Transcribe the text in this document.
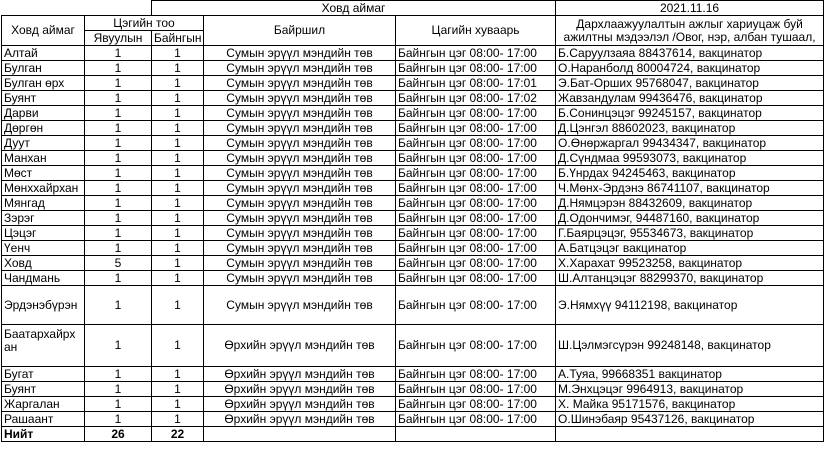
		Ховд аймаг			2021.11.16
Ховд аймаг	Цэгийн тоо		Байршил	Цагийн хуваарь	Дархлаажуулалтын ажлыг хариуцаж буй ажилтны мэдээлэл /Овог, нэр, албан тушаал,
	Явуулын	Байнгын			
Алтай	1	1	Сумын эрүүл мэндийн төв	Байнгын цэг 08:00- 17:00	Б.Саруулзаяа 88437614, вакцинатор
Булган	1	1	Сумын эрүүл мэндийн төв	Байнгын цэг 08:00- 17:00	О.Наранболд 80004724, вакцинатор
Булган өрх	1	1	Сумын эрүүл мэндийн төв	Байнгын цэг 08:00- 17:01	Э.Бат-Орших 95768047, вакцинатор
Буянт	1	1	Сумын эрүүл мэндийн төв	Байнгын цэг 08:00- 17:02	Жавзандулам 99436476, вакцинатор
Дарви	1	1	Сумын эрүүл мэндийн төв	Байнгын цэг 08:00- 17:00	Б.Сонинцэцэг 99245157, вакцинатор
Дөргөн	1	1	Сумын эрүүл мэндийн төв	Байнгын цэг 08:00- 17:00	Д.Цэнгэл 88602023, вакцинатор
Дуут	1	1	Сумын эрүүл мэндийн төв	Байнгын цэг 08:00- 17:00	О.Өнөржаргал 99434347, вакцинатор
Манхан	1	1	Сумын эрүүл мэндийн төв	Байнгын цэг 08:00- 17:00	Д.Сүндмаа 99593073, вакцинатор
Мөст	1	1	Сумын эрүүл мэндийн төв	Байнгын цэг 08:00- 17:00	Б.Үнрдах 94245463, вакцинатор
Мөнххайрхан	1	1	Сумын эрүүл мэндийн төв	Байнгын цэг 08:00- 17:00	Ч.Мөнх-Эрдэнэ 86741107, вакцинатор
Мянгад	1	1	Сумын эрүүл мэндийн төв	Байнгын цэг 08:00- 17:00	Д.Нямцэрэн 88432609, вакцинатор
Зэрэг	1	1	Сумын эрүүл мэндийн төв	Байнгын цэг 08:00- 17:00	Д.Одончимэг, 94487160, вакцинатор
Цэцэг	1	1	Сумын эрүүл мэндийн төв	Байнгын цэг 08:00- 17:00	Г.Баярцэцэг, 95534673, вакцинатор
Үенч	1	1	Сумын эрүүл мэндийн төв	Байнгын цэг 08:00- 17:00	А.Батцэцэг вакцинатор
Ховд	5	1	Сумын эрүүл мэндийн төв	Байнгын цэг 08:00- 17:00	Х.Харахат 99523258, вакцинатор
Чандмань	1	1	Сумын эрүүл мэндийн төв	Байнгын цэг 08:00- 17:00	Ш.Алтанцэцэг 88299370, вакцинатор
Эрдэнэбүрэн	1	1	Сумын эрүүл мэндийн төв	Байнгын цэг 08:00- 17:00	Э.Нямхүү 94112198, вакцинатор
Баатархайрх
ан	1	1	Өрхийн эрүүл мэндийн төв	Байнгын цэг 08:00- 17:00	Ш.Цэлмэгсүрэн 99248148, вакцинатор
Бугат	1	1	Өрхийн эрүүл мэндийн төв	Байнгын цэг 08:00- 17:00	А.Туяа, 99668351 вакцинатор
Буянт	1	1	Өрхийн эрүүл мэндийн төв	Байнгын цэг 08:00- 17:00	М.Энхцэцэг 9964913, вакцинатор
Жаргалан	1	1	Өрхийн эрүүл мэндийн төв	Байнгын цэг 08:00- 17:00	Х. Майка 95171576, вакцинатор
Рашаант	1	1	Өрхийн эрүүл мэндийн төв	Байнгын цэг 08:00- 17:00	О.Шинэбаяр 95437126, вакцинатор
Нийт	26	22			
